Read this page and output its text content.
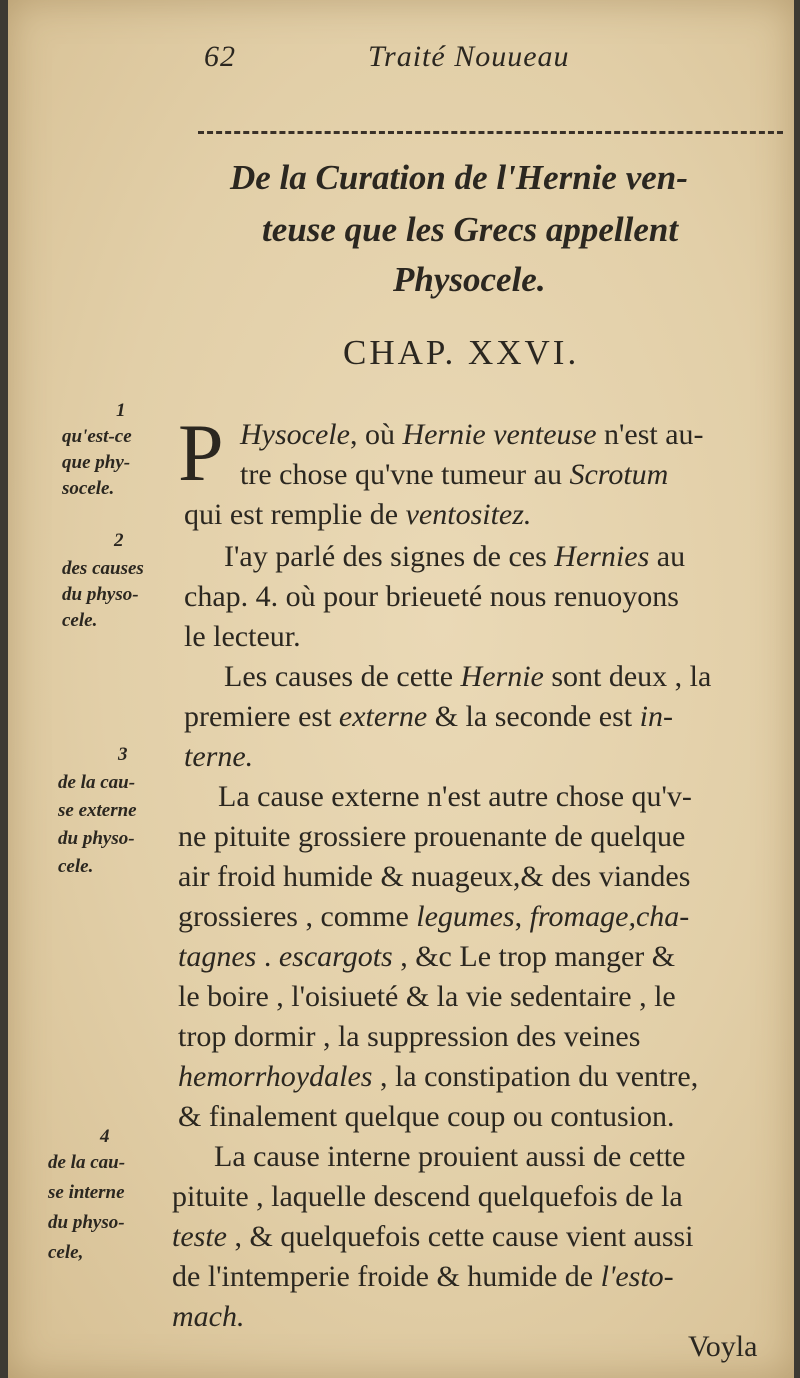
62	Traité Nouueau
De la Curation de l'Hernie ven-
teuse que les Grecs appellent
Physocele.
CHAP. XXVI.
1
qu'est-ce
que phy-
socele.
2
des causes
du physo-
cele.
3
de la cau-
se externe
du physo-
cele.
4
de la cau-
se interne
du physo-
cele,
P Hysocele, où Hernie venteuse n'est au-
tre chose qu'vne tumeur au Scrotum
qui est remplie de ventositez.
I'ay parlé des signes de ces Hernies au
chap. 4. où pour brieueté nous renuoyons
le lecteur.
Les causes de cette Hernie sont deux , la
premiere est externe & la seconde est in-
terne.
La cause externe n'est autre chose qu'v-
ne pituite grossiere prouenante de quelque
air froid humide & nuageux,& des viandes
grossieres , comme legumes, fromage,cha-
tagnes . escargots , &c Le trop manger &
le boire , l'oisiueté & la vie sedentaire , le
trop dormir , la suppression des veines
hemorrhoydales , la constipation du ventre,
& finalement quelque coup ou contusion.
La cause interne prouient aussi de cette
pituite , laquelle descend quelquefois de la
teste , & quelquefois cette cause vient aussi
de l'intemperie froide & humide de l'esto-
mach.
Voyla
